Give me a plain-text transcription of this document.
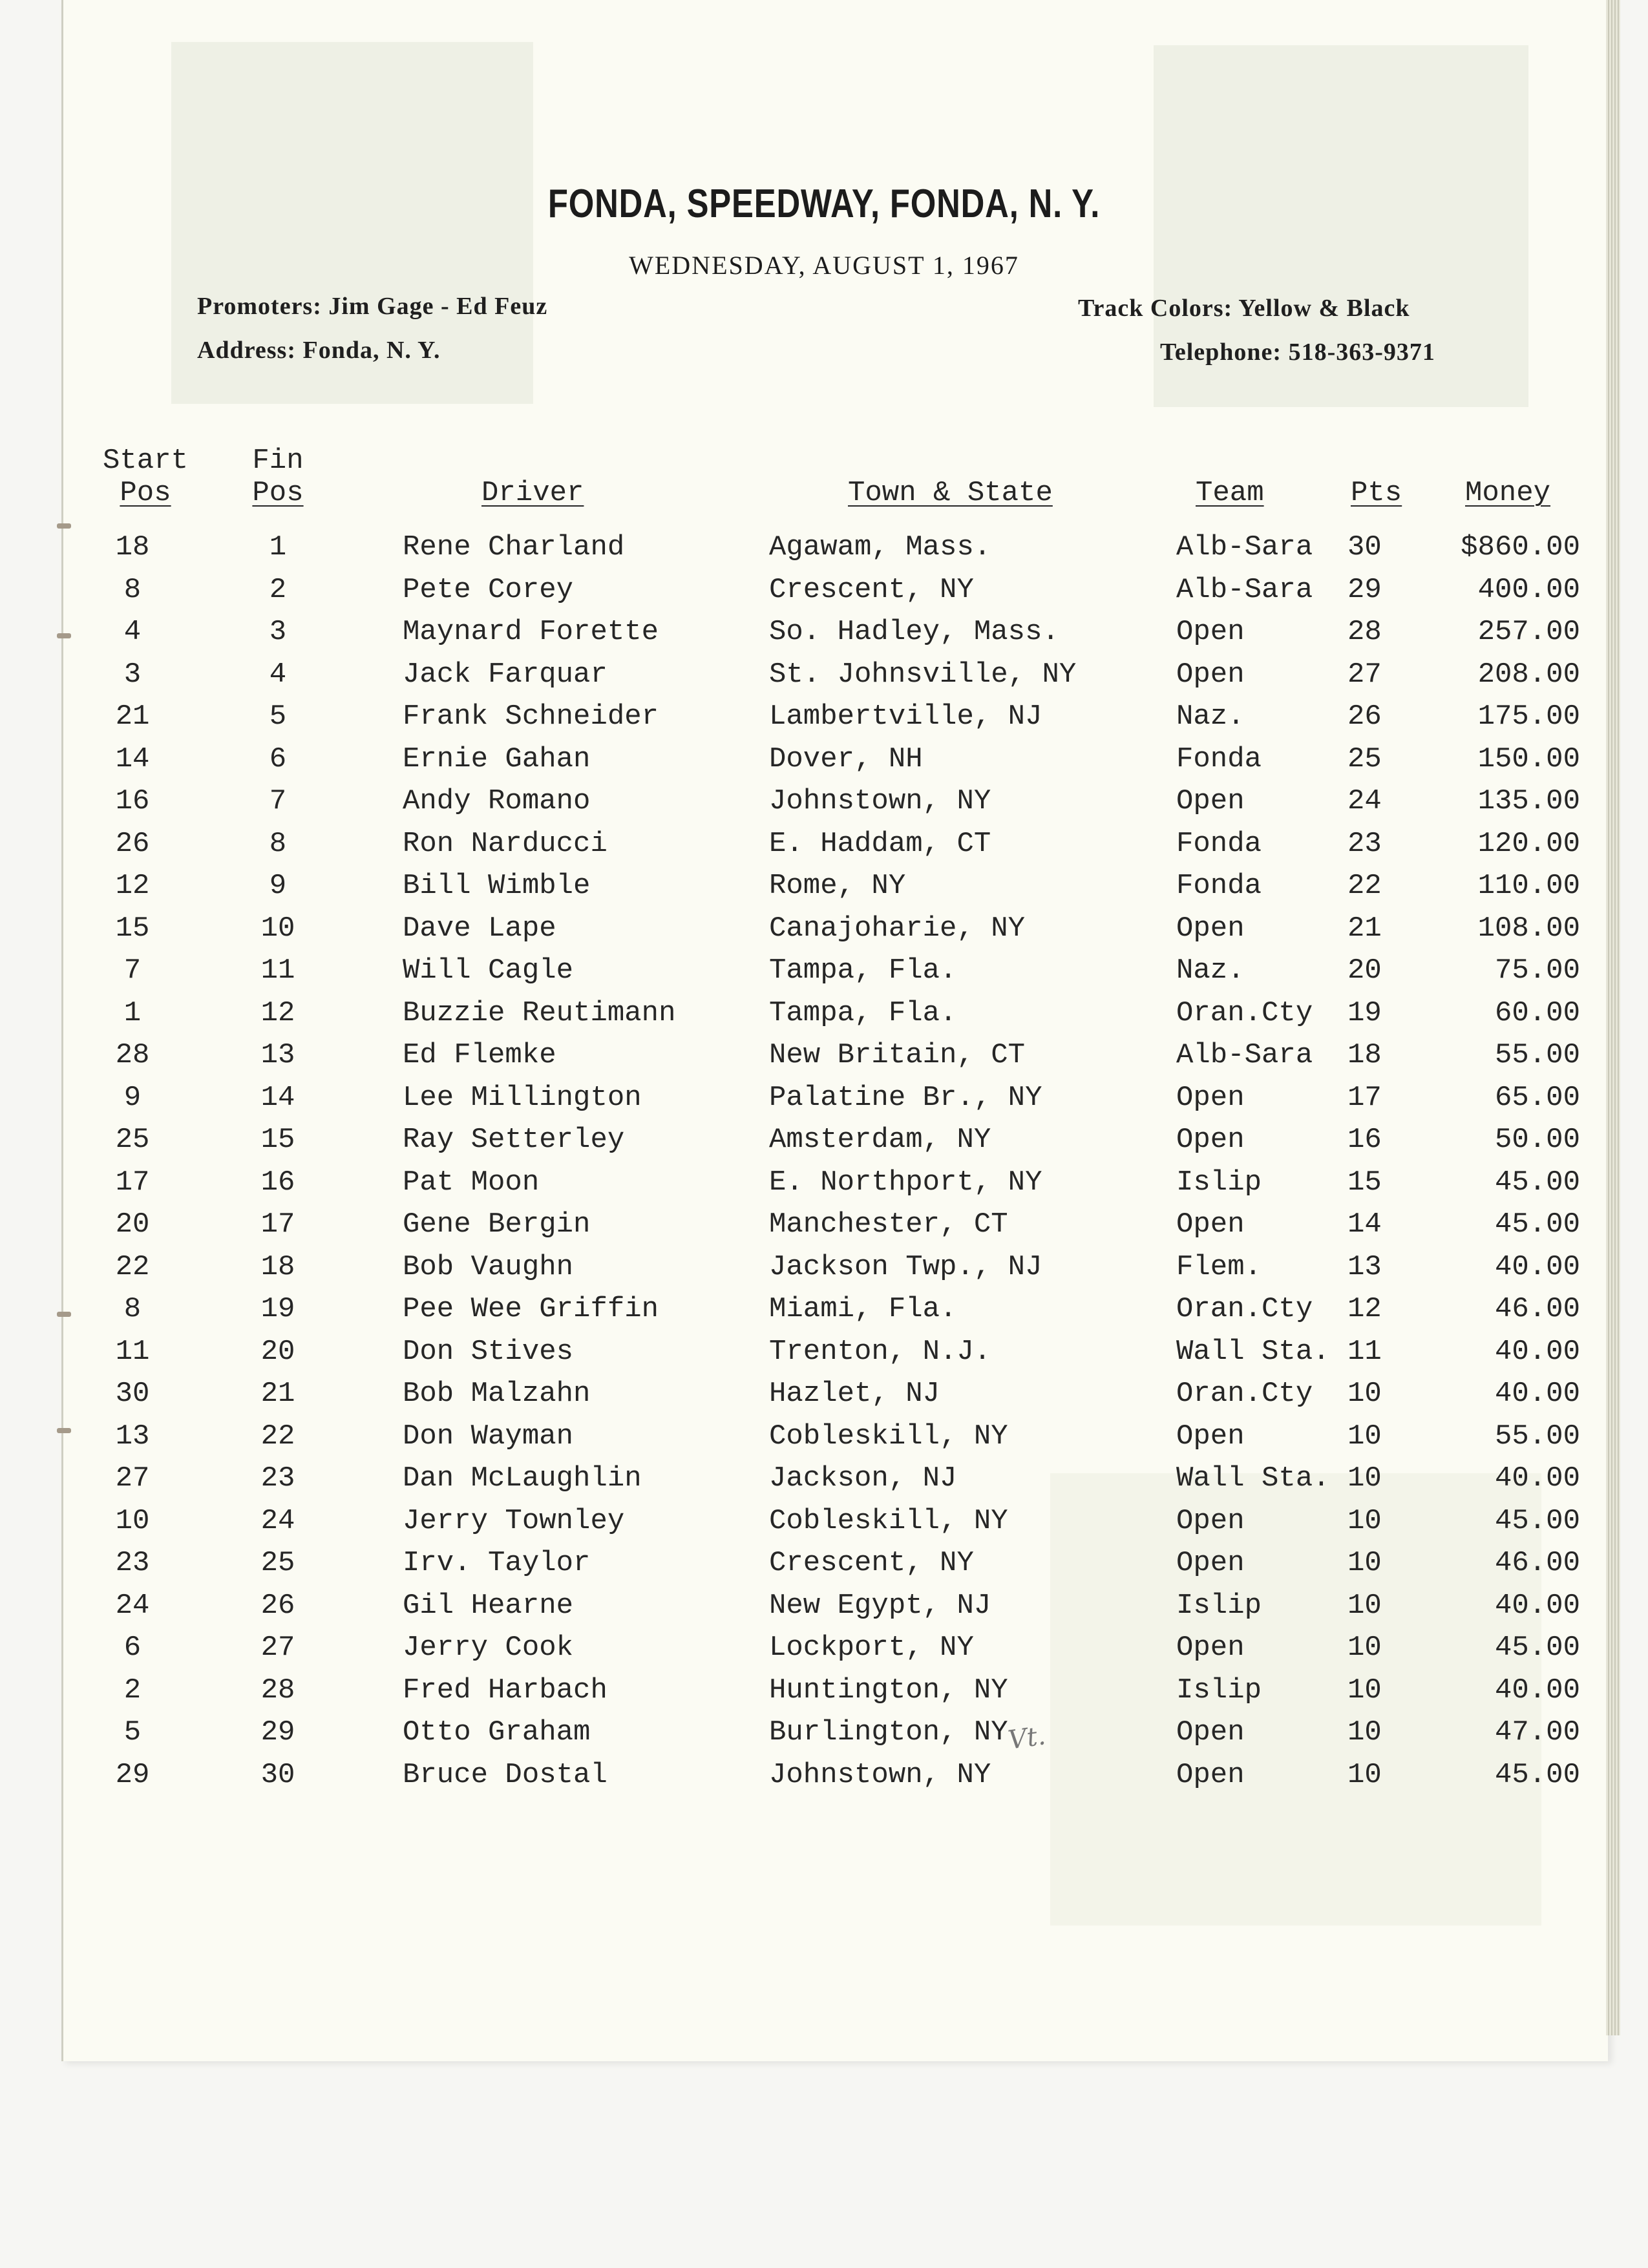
FONDA, SPEEDWAY, FONDA, N. Y.
WEDNESDAY, AUGUST 1, 1967
Promoters: Jim Gage - Ed Feuz
Address: Fonda, N. Y.
Track Colors: Yellow & Black
Telephone: 518-363-9371
Start
Pos
Fin
Pos	Driver	Town & State	Team	Pts Money
18	1	Rene Charland	Agawam, Mass.	Alb-Sara 30	$860.00
8	2	Pete Corey	Crescent, NY	Alb-Sara 29	400.00
4	3	Maynard Forette	So. Hadley, Mass.	Open	28	257.00
3	4	Jack Farquar	St. Johnsville, NY	Open	27	208.00
21	5	Frank Schneider	Lambertville, NJ	Naz.	26	175.00
14	6	Ernie Gahan	Dover, NH	Fonda	25	150.00
16	7	Andy Romano	Johnstown, NY	Open	24	135.00
26	8	Ron Narducci	E. Haddam, CT	Fonda	23	120.00
12	9	Bill Wimble	Rome, NY	Fonda	22	110.00
15	10	Dave Lape	Canajoharie, NY	Open	21	108.00
7	11	Will Cagle	Tampa, Fla.	Naz.	20	75.00
1	12	Buzzie Reutimann	Tampa, Fla.	Oran.Cty 19	60.00
28	13	Ed Flemke	New Britain, CT	Alb-Sara 18	55.00
9	14	Lee Millington	Palatine Br., NY	Open	17	65.00
25	15	Ray Setterley	Amsterdam, NY	Open	16	50.00
17	16	Pat Moon	E. Northport, NY	Islip	15	45.00
20	17	Gene Bergin	Manchester, CT	Open	14	45.00
22	18	Bob Vaughn	Jackson Twp., NJ	Flem.	13	40.00
8	19	Pee Wee Griffin	Miami, Fla.	Oran.Cty 12	46.00
11	20	Don Stives	Trenton, N.J.	Wall Sta. 11	40.00
30	21	Bob Malzahn	Hazlet, NJ	Oran.Cty 10	40.00
13	22	Don Wayman	Cobleskill, NY	Open	10	55.00
27	23	Dan McLaughlin	Jackson, NJ	Wall Sta. 10	40.00
10	24	Jerry Townley	Cobleskill, NY	Open	10	45.00
23	25	Irv. Taylor	Crescent, NY	Open	10	46.00
24	26	Gil Hearne	New Egypt, NJ	Islip	10	40.00
6	27	Jerry Cook	Lockport, NY	Open	10	45.00
2	28	Fred Harbach	Huntington, NY	Islip	10	40.00
5	29	Otto Graham	Burlington, NY	Open	10	47.00
29	30	Bruce Dostal	Johnstown, NY	Open	10	45.00
Vt.
